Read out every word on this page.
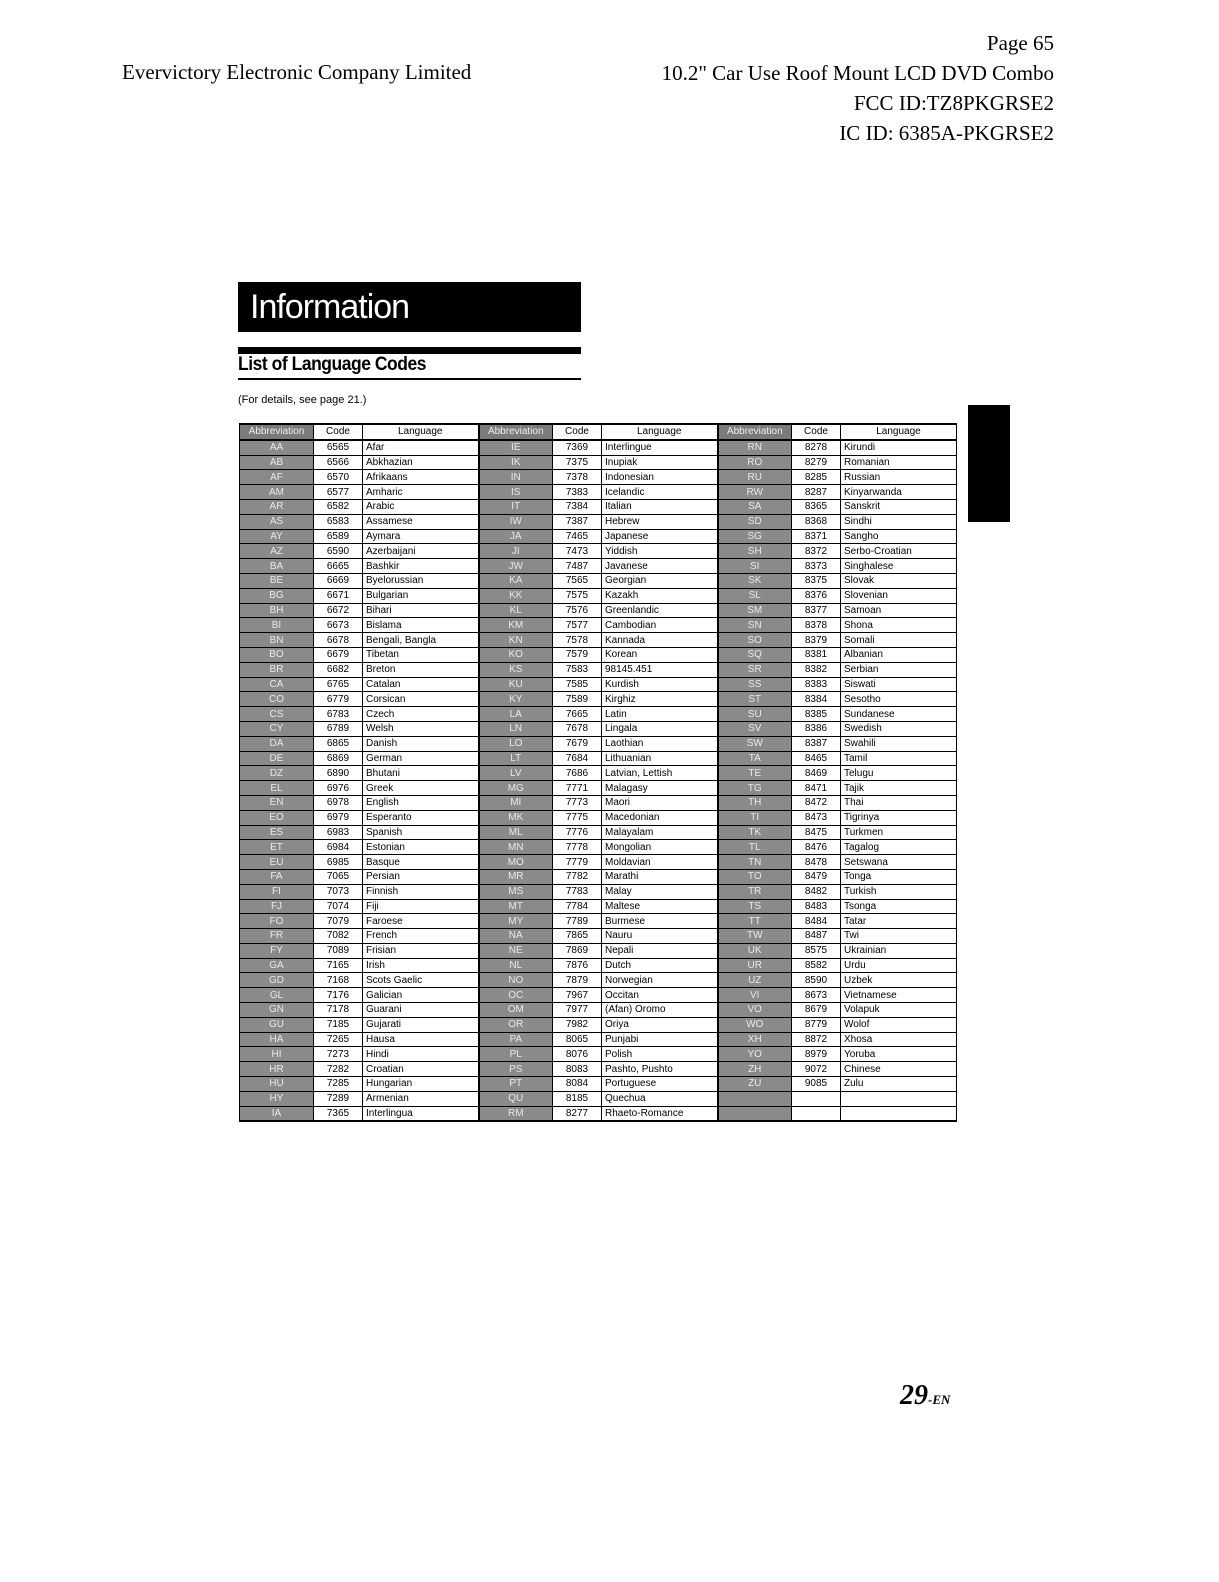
Evervictory Electronic Company Limited
Page 65
10.2" Car Use Roof Mount LCD DVD Combo
FCC ID:TZ8PKGRSE2
IC ID: 6385A-PKGRSE2
Information
List of Language Codes
(For details, see page 21.)
Abbreviation	Code	Language	Abbreviation	Code	Language	Abbreviation	Code	Language
AA	6565	Afar	IE	7369	Interlingue	RN	8278	Kirundi
AB	6566	Abkhazian	IK	7375	Inupiak	RO	8279	Romanian
AF	6570	Afrikaans	IN	7378	Indonesian	RU	8285	Russian
AM	6577	Amharic	IS	7383	Icelandic	RW	8287	Kinyarwanda
AR	6582	Arabic	IT	7384	Italian	SA	8365	Sanskrit
AS	6583	Assamese	IW	7387	Hebrew	SD	8368	Sindhi
AY	6589	Aymara	JA	7465	Japanese	SG	8371	Sangho
AZ	6590	Azerbaijani	JI	7473	Yiddish	SH	8372	Serbo-Croatian
BA	6665	Bashkir	JW	7487	Javanese	SI	8373	Singhalese
BE	6669	Byelorussian	KA	7565	Georgian	SK	8375	Slovak
BG	6671	Bulgarian	KK	7575	Kazakh	SL	8376	Slovenian
BH	6672	Bihari	KL	7576	Greenlandic	SM	8377	Samoan
BI	6673	Bislama	KM	7577	Cambodian	SN	8378	Shona
BN	6678	Bengali, Bangla	KN	7578	Kannada	SO	8379	Somali
BO	6679	Tibetan	KO	7579	Korean	SQ	8381	Albanian
BR	6682	Breton	KS	7583	98145.451	SR	8382	Serbian
CA	6765	Catalan	KU	7585	Kurdish	SS	8383	Siswati
CO	6779	Corsican	KY	7589	Kirghiz	ST	8384	Sesotho
CS	6783	Czech	LA	7665	Latin	SU	8385	Sundanese
CY	6789	Welsh	LN	7678	Lingala	SV	8386	Swedish
DA	6865	Danish	LO	7679	Laothian	SW	8387	Swahili
DE	6869	German	LT	7684	Lithuanian	TA	8465	Tamil
DZ	6890	Bhutani	LV	7686	Latvian, Lettish	TE	8469	Telugu
EL	6976	Greek	MG	7771	Malagasy	TG	8471	Tajik
EN	6978	English	MI	7773	Maori	TH	8472	Thai
EO	6979	Esperanto	MK	7775	Macedonian	TI	8473	Tigrinya
ES	6983	Spanish	ML	7776	Malayalam	TK	8475	Turkmen
ET	6984	Estonian	MN	7778	Mongolian	TL	8476	Tagalog
EU	6985	Basque	MO	7779	Moldavian	TN	8478	Setswana
FA	7065	Persian	MR	7782	Marathi	TO	8479	Tonga
FI	7073	Finnish	MS	7783	Malay	TR	8482	Turkish
FJ	7074	Fiji	MT	7784	Maltese	TS	8483	Tsonga
FO	7079	Faroese	MY	7789	Burmese	TT	8484	Tatar
FR	7082	French	NA	7865	Nauru	TW	8487	Twi
FY	7089	Frisian	NE	7869	Nepali	UK	8575	Ukrainian
GA	7165	Irish	NL	7876	Dutch	UR	8582	Urdu
GD	7168	Scots Gaelic	NO	7879	Norwegian	UZ	8590	Uzbek
GL	7176	Galician	OC	7967	Occitan	VI	8673	Vietnamese
GN	7178	Guarani	OM	7977	(Afan) Oromo	VO	8679	Volapuk
GU	7185	Gujarati	OR	7982	Oriya	WO	8779	Wolof
HA	7265	Hausa	PA	8065	Punjabi	XH	8872	Xhosa
HI	7273	Hindi	PL	8076	Polish	YO	8979	Yoruba
HR	7282	Croatian	PS	8083	Pashto, Pushto	ZH	9072	Chinese
HU	7285	Hungarian	PT	8084	Portuguese	ZU	9085	Zulu
HY	7289	Armenian	QU	8185	Quechua			
IA	7365	Interlingua	RM	8277	Rhaeto-Romance			
29-EN
